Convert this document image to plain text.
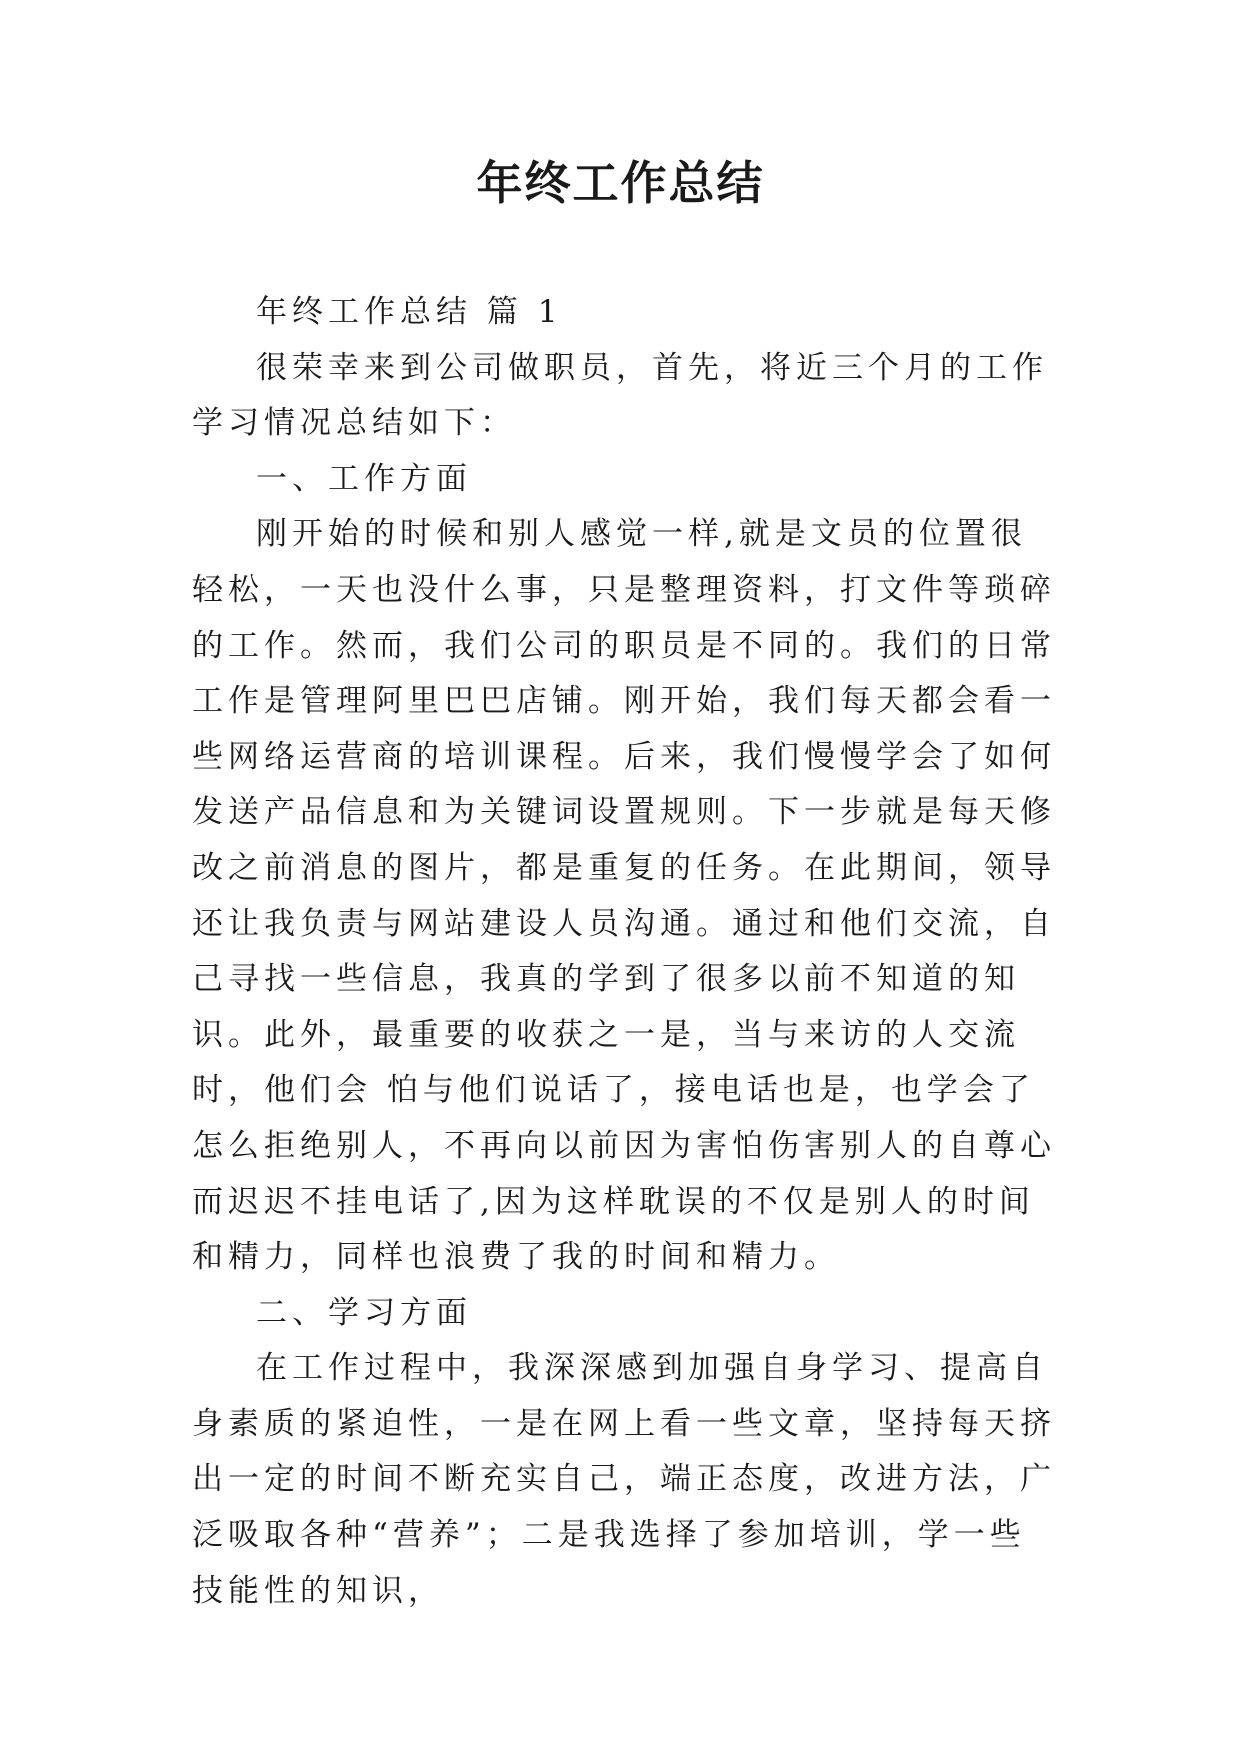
年终工作总结

年终工作总结 篇 1

很荣幸来到公司做职员，首先，将近三个月的工作学习情况总结如下：

一、工作方面

刚开始的时候和别人感觉一样,就是文员的位置很轻松，一天也没什么事，只是整理资料，打文件等琐碎的工作。然而，我们公司的职员是不同的。我们的日常工作是管理阿里巴巴店铺。刚开始，我们每天都会看一些网络运营商的培训课程。后来，我们慢慢学会了如何发送产品信息和为关键词设置规则。下一步就是每天修改之前消息的图片，都是重复的任务。在此期间，领导还让我负责与网站建设人员沟通。通过和他们交流，自己寻找一些信息，我真的学到了很多以前不知道的知识。此外，最重要的收获之一是，当与来访的人交流时，他们会 怕与他们说话了，接电话也是，也学会了怎么拒绝别人，不再向以前因为害怕伤害别人的自尊心而迟迟不挂电话了,因为这样耽误的不仅是别人的时间和精力，同样也浪费了我的时间和精力。

二、学习方面

在工作过程中，我深深感到加强自身学习、提高自身素质的紧迫性，一是在网上看一些文章，坚持每天挤出一定的时间不断充实自己，端正态度，改进方法，广泛吸取各种“营养”；二是我选择了参加培训，学一些技能性的知识，
